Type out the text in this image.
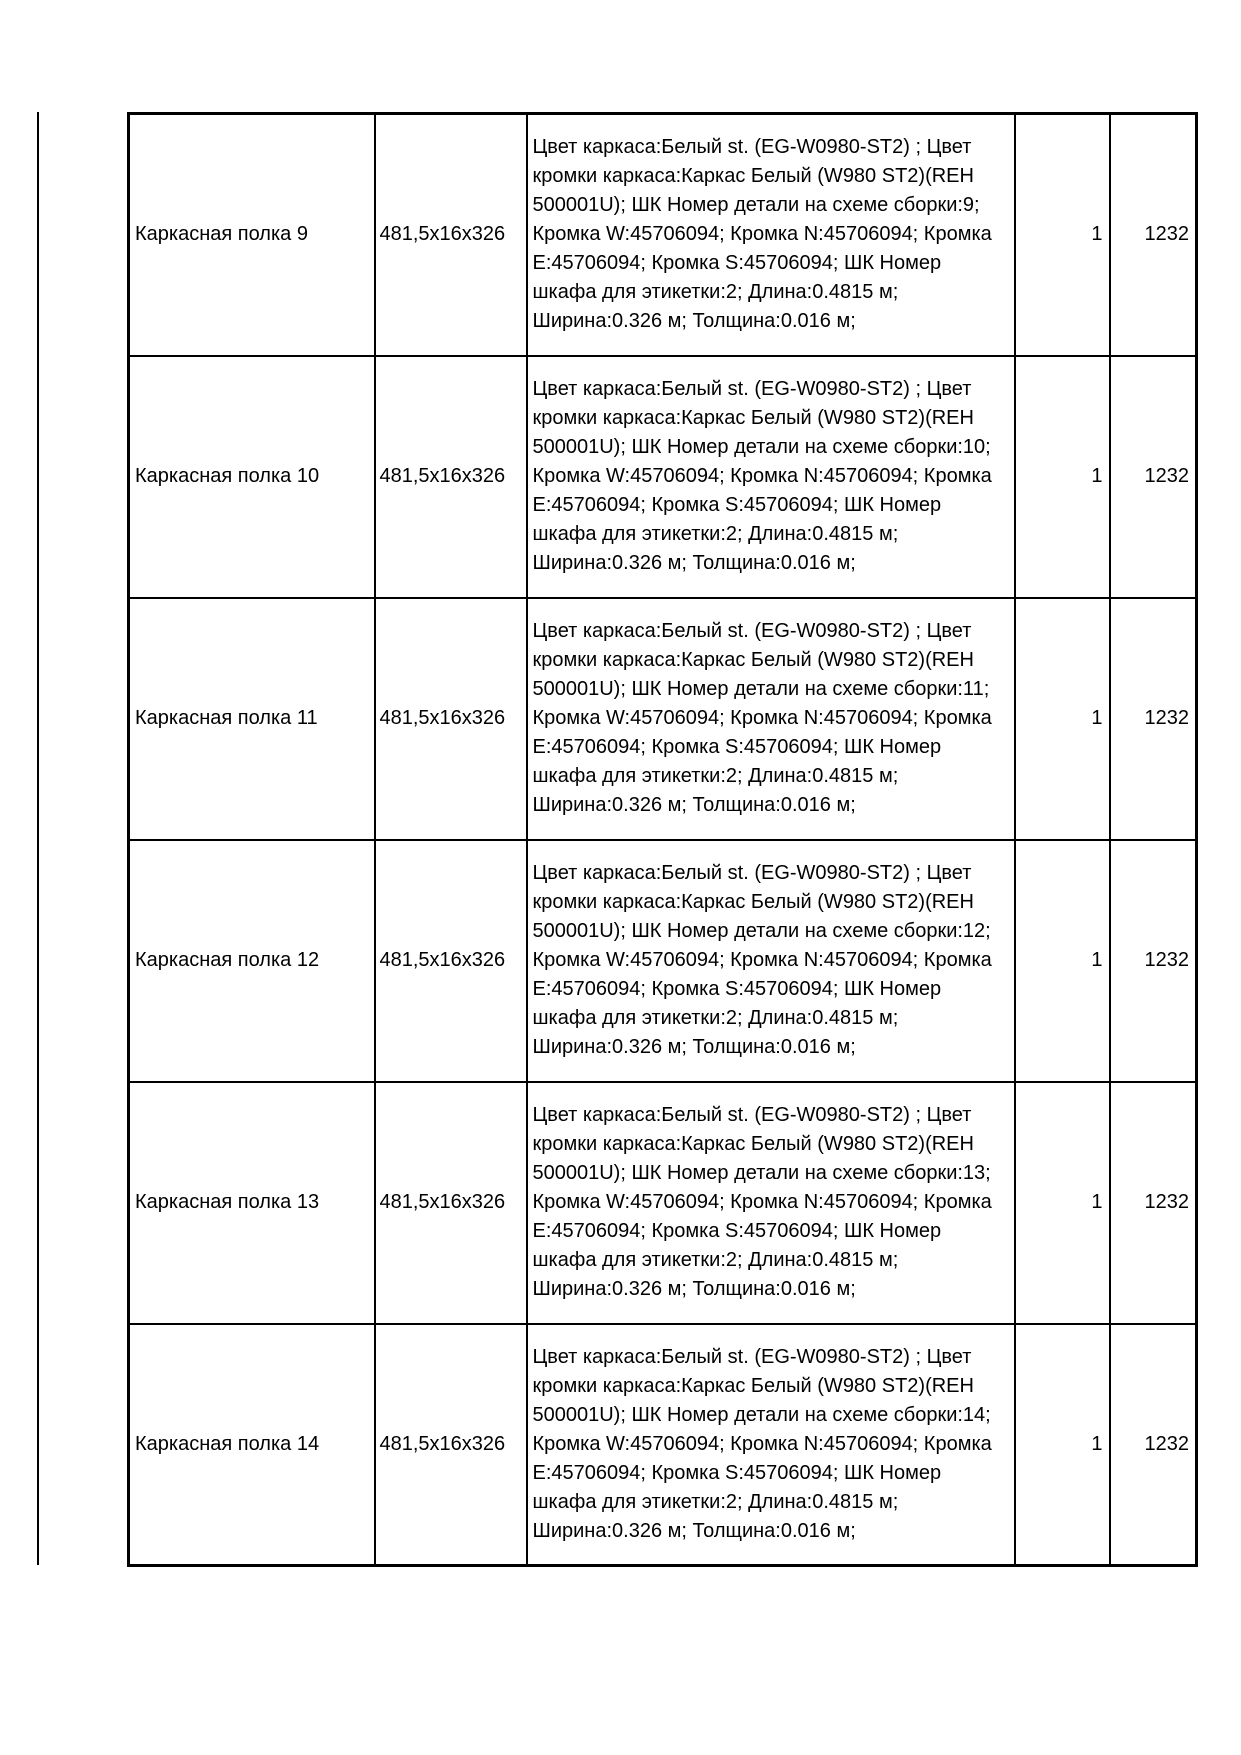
Каркасная полка 9	481,5x16x326	Цвет каркаса:Белый st. (EG-W0980-ST2) ; Цвет кромки каркаса:Каркас Белый (W980 ST2)(REH 500001U); ШК Номер детали на схеме сборки:9; Кромка W:45706094; Кромка N:45706094; Кромка E:45706094; Кромка S:45706094; ШК Номер шкафа для этикетки:2; Длина:0.4815 м; Ширина:0.326 м; Толщина:0.016 м;	1	1232
Каркасная полка 10	481,5x16x326	Цвет каркаса:Белый st. (EG-W0980-ST2) ; Цвет кромки каркаса:Каркас Белый (W980 ST2)(REH 500001U); ШК Номер детали на схеме сборки:10; Кромка W:45706094; Кромка N:45706094; Кромка E:45706094; Кромка S:45706094; ШК Номер шкафа для этикетки:2; Длина:0.4815 м; Ширина:0.326 м; Толщина:0.016 м;	1	1232
Каркасная полка 11	481,5x16x326	Цвет каркаса:Белый st. (EG-W0980-ST2) ; Цвет кромки каркаса:Каркас Белый (W980 ST2)(REH 500001U); ШК Номер детали на схеме сборки:11; Кромка W:45706094; Кромка N:45706094; Кромка E:45706094; Кромка S:45706094; ШК Номер шкафа для этикетки:2; Длина:0.4815 м; Ширина:0.326 м; Толщина:0.016 м;	1	1232
Каркасная полка 12	481,5x16x326	Цвет каркаса:Белый st. (EG-W0980-ST2) ; Цвет кромки каркаса:Каркас Белый (W980 ST2)(REH 500001U); ШК Номер детали на схеме сборки:12; Кромка W:45706094; Кромка N:45706094; Кромка E:45706094; Кромка S:45706094; ШК Номер шкафа для этикетки:2; Длина:0.4815 м; Ширина:0.326 м; Толщина:0.016 м;	1	1232
Каркасная полка 13	481,5x16x326	Цвет каркаса:Белый st. (EG-W0980-ST2) ; Цвет кромки каркаса:Каркас Белый (W980 ST2)(REH 500001U); ШК Номер детали на схеме сборки:13; Кромка W:45706094; Кромка N:45706094; Кромка E:45706094; Кромка S:45706094; ШК Номер шкафа для этикетки:2; Длина:0.4815 м; Ширина:0.326 м; Толщина:0.016 м;	1	1232
Каркасная полка 14	481,5x16x326	Цвет каркаса:Белый st. (EG-W0980-ST2) ; Цвет кромки каркаса:Каркас Белый (W980 ST2)(REH 500001U); ШК Номер детали на схеме сборки:14; Кромка W:45706094; Кромка N:45706094; Кромка E:45706094; Кромка S:45706094; ШК Номер шкафа для этикетки:2; Длина:0.4815 м; Ширина:0.326 м; Толщина:0.016 м;	1	1232
